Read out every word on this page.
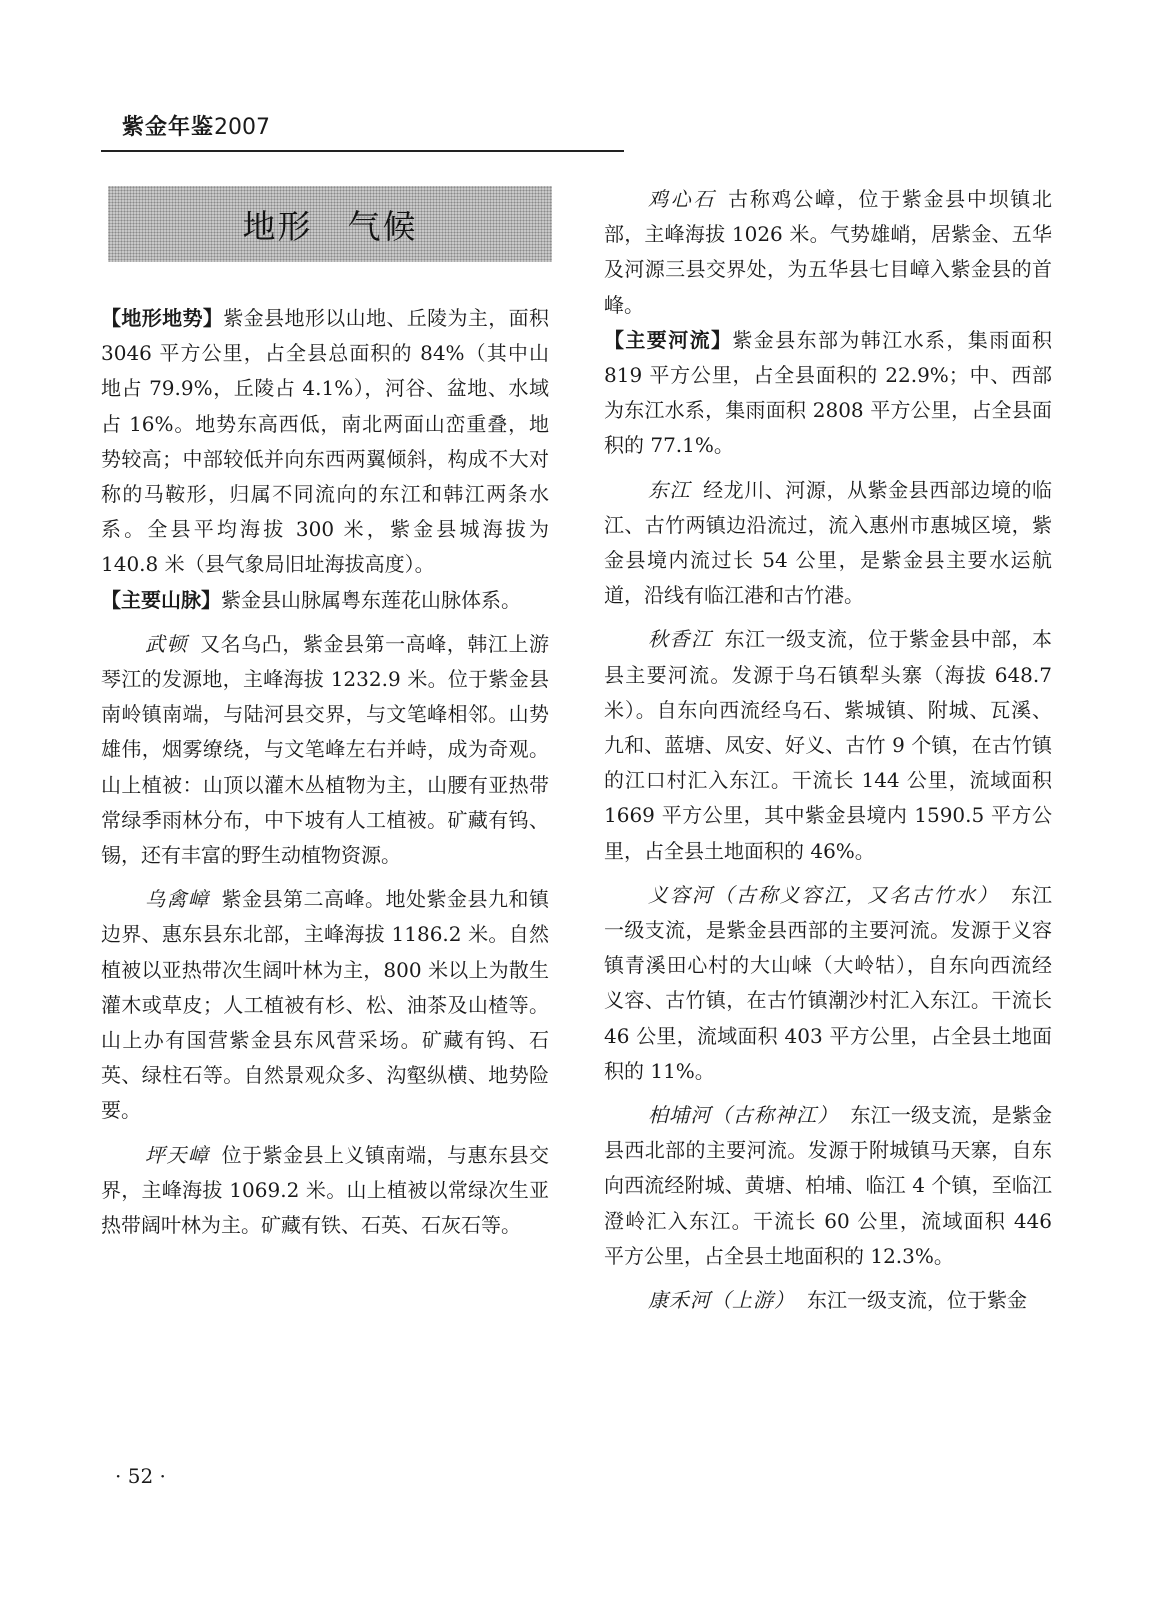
紫金年鉴2007
地形　气候

【地形地势】紫金县地形以山地、丘陵为主，面积 3046 平方公里，占全县总面积的 84%（其中山地占 79.9%，丘陵占 4.1%），河谷、盆地、水域占 16%。地势东高西低，南北两面山峦重叠，地势较高；中部较低并向东西两翼倾斜，构成不大对称的马鞍形，归属不同流向的东江和韩江两条水系。全县平均海拔 300 米，紫金县城海拔为 140.8 米（县气象局旧址海拔高度）。

【主要山脉】紫金县山脉属粤东莲花山脉体系。

武顿 又名乌凸，紫金县第一高峰，韩江上游琴江的发源地，主峰海拔 1232.9 米。位于紫金县南岭镇南端，与陆河县交界，与文笔峰相邻。山势雄伟，烟雾缭绕，与文笔峰左右并峙，成为奇观。山上植被：山顶以灌木丛植物为主，山腰有亚热带常绿季雨林分布，中下坡有人工植被。矿藏有钨、锡，还有丰富的野生动植物资源。

乌禽嶂 紫金县第二高峰。地处紫金县九和镇边界、惠东县东北部，主峰海拔 1186.2 米。自然植被以亚热带次生阔叶林为主，800 米以上为散生灌木或草皮；人工植被有杉、松、油茶及山楂等。山上办有国营紫金县东风营采场。矿藏有钨、石英、绿柱石等。自然景观众多、沟壑纵横、地势险要。

坪天嶂 位于紫金县上义镇南端，与惠东县交界，主峰海拔 1069.2 米。山上植被以常绿次生亚热带阔叶林为主。矿藏有铁、石英、石灰石等。

鸡心石 古称鸡公嶂，位于紫金县中坝镇北部，主峰海拔 1026 米。气势雄峭，居紫金、五华及河源三县交界处，为五华县七目嶂入紫金县的首峰。

【主要河流】紫金县东部为韩江水系，集雨面积 819 平方公里，占全县面积的 22.9%；中、西部为东江水系，集雨面积 2808 平方公里，占全县面积的 77.1%。

东江 经龙川、河源，从紫金县西部边境的临江、古竹两镇边沿流过，流入惠州市惠城区境，紫金县境内流过长 54 公里，是紫金县主要水运航道，沿线有临江港和古竹港。

秋香江 东江一级支流，位于紫金县中部，本县主要河流。发源于乌石镇犁头寨（海拔 648.7 米）。自东向西流经乌石、紫城镇、附城、瓦溪、九和、蓝塘、凤安、好义、古竹 9 个镇，在古竹镇的江口村汇入东江。干流长 144 公里，流域面积 1669 平方公里，其中紫金县境内 1590.5 平方公里，占全县土地面积的 46%。

义容河（古称义容江，又名古竹水） 东江一级支流，是紫金县西部的主要河流。发源于义容镇青溪田心村的大山崃（大岭牯），自东向西流经义容、古竹镇，在古竹镇潮沙村汇入东江。干流长 46 公里，流域面积 403 平方公里，占全县土地面积的 11%。

柏埔河（古称神江） 东江一级支流，是紫金县西北部的主要河流。发源于附城镇马天寨，自东向西流经附城、黄塘、柏埔、临江 4 个镇，至临江澄岭汇入东江。干流长 60 公里，流域面积 446 平方公里，占全县土地面积的 12.3%。

康禾河（上游） 东江一级支流，位于紫金

· 52 ·
